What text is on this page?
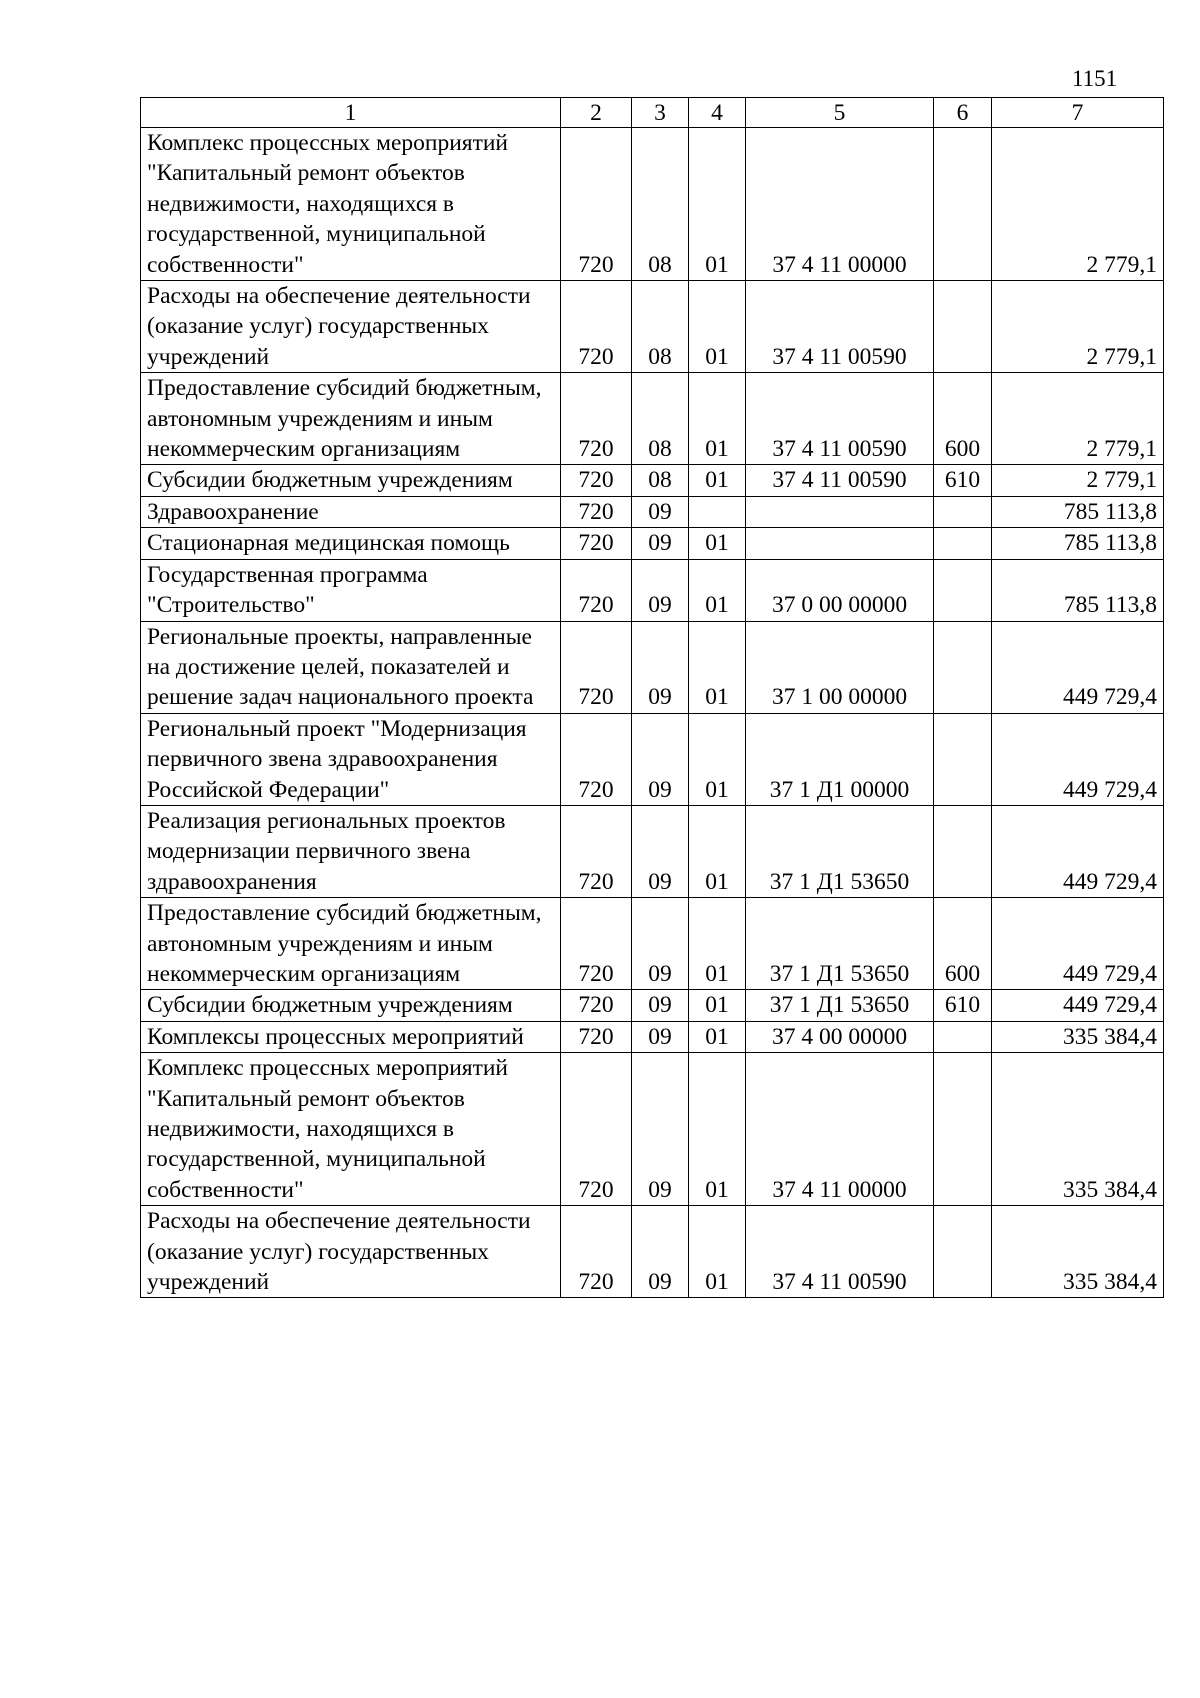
1151
1	2	3	4	5	6	7
Комплекс процессных мероприятий "Капитальный ремонт объектов недвижимости, находящихся в государственной, муниципальной собственности"	720	08	01	37 4 11 00000		2 779,1
Расходы на обеспечение деятельности (оказание услуг) государственных учреждений	720	08	01	37 4 11 00590		2 779,1
Предоставление субсидий бюджетным, автономным учреждениям и иным некоммерческим организациям	720	08	01	37 4 11 00590	600	2 779,1
Субсидии бюджетным учреждениям	720	08	01	37 4 11 00590	610	2 779,1
Здравоохранение	720	09				785 113,8
Стационарная медицинская помощь	720	09	01			785 113,8
Государственная программа "Строительство"	720	09	01	37 0 00 00000		785 113,8
Региональные проекты, направленные на достижение целей, показателей и решение задач национального проекта	720	09	01	37 1 00 00000		449 729,4
Региональный проект "Модернизация первичного звена здравоохранения Российской Федерации"	720	09	01	37 1 Д1 00000		449 729,4
Реализация региональных проектов модернизации первичного звена здравоохранения	720	09	01	37 1 Д1 53650		449 729,4
Предоставление субсидий бюджетным, автономным учреждениям и иным некоммерческим организациям	720	09	01	37 1 Д1 53650	600	449 729,4
Субсидии бюджетным учреждениям	720	09	01	37 1 Д1 53650	610	449 729,4
Комплексы процессных мероприятий	720	09	01	37 4 00 00000		335 384,4
Комплекс процессных мероприятий "Капитальный ремонт объектов недвижимости, находящихся в государственной, муниципальной собственности"	720	09	01	37 4 11 00000		335 384,4
Расходы на обеспечение деятельности (оказание услуг) государственных учреждений	720	09	01	37 4 11 00590		335 384,4
